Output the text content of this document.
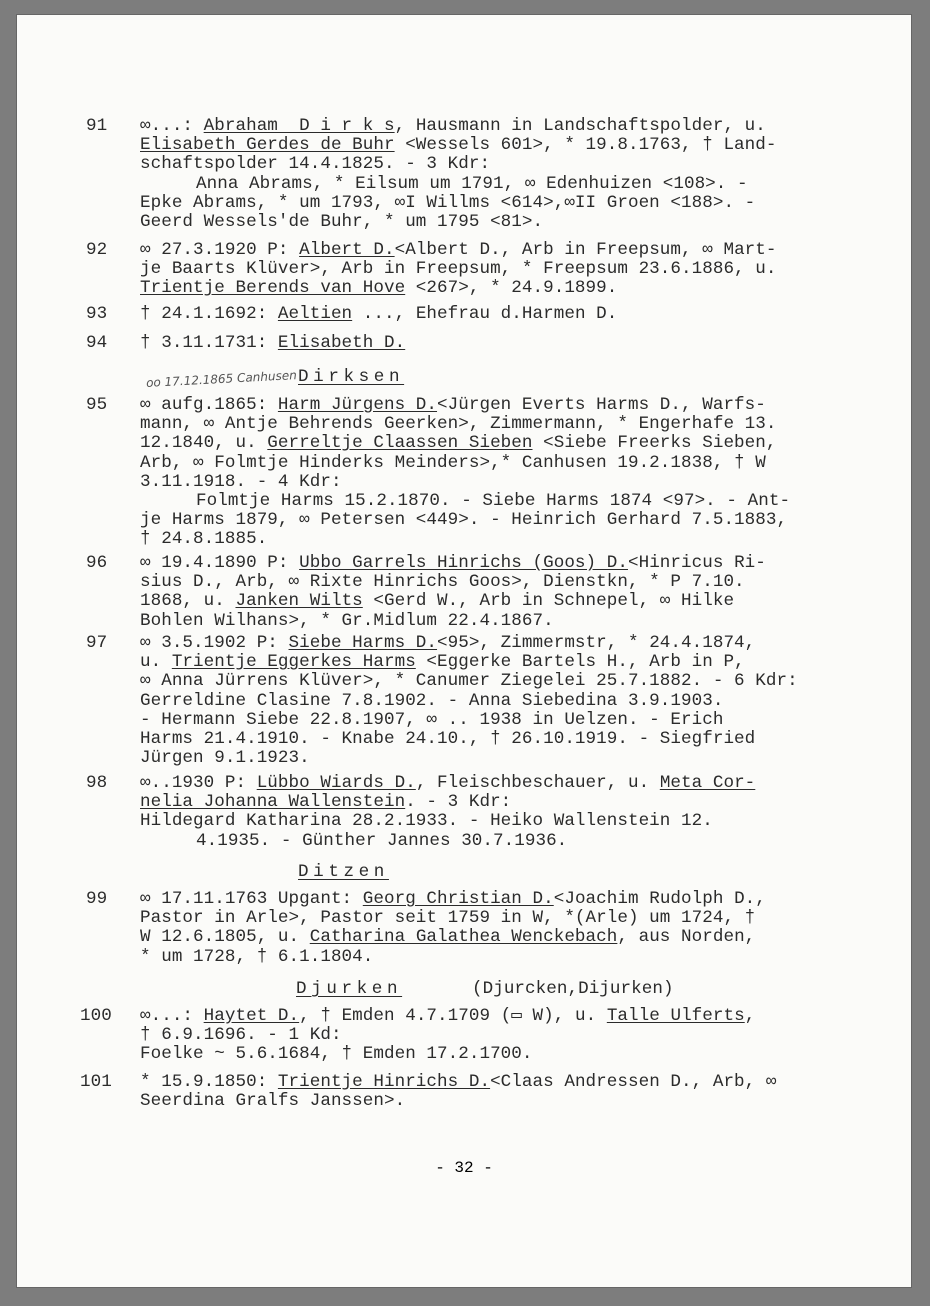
91	∞...: Abraham  D i r k s, Hausmann in Landschaftspolder, u.
Elisabeth Gerdes de Buhr <Wessels 601>, * 19.8.1763, † Land-
schaftspolder 14.4.1825. - 3 Kdr:
Anna Abrams, * Eilsum um 1791, ∞ Edenhuizen <108>. -
Epke Abrams, * um 1793, ∞I Willms <614>,∞II Groen <188>. -
Geerd Wessels'de Buhr, * um 1795 <81>.
92	∞ 27.3.1920 P: Albert D.<Albert D., Arb in Freepsum, ∞ Mart-
je Baarts Klüver>, Arb in Freepsum, * Freepsum 23.6.1886, u.
Trientje Berends van Hove <267>, * 24.9.1899.
93	† 24.1.1692: Aeltien ..., Ehefrau d.Harmen D.
94	† 3.11.1731: Elisabeth D.
Dirksen
95	∞ aufg.1865: Harm Jürgens D.<Jürgen Everts Harms D., Warfs-
mann, ∞ Antje Behrends Geerken>, Zimmermann, * Engerhafe 13.
12.1840, u. Gerreltje Claassen Sieben <Siebe Freerks Sieben,
Arb, ∞ Folmtje Hinderks Meinders>,* Canhusen 19.2.1838, † W
3.11.1918. - 4 Kdr:
Folmtje Harms 15.2.1870. - Siebe Harms 1874 <97>. - Ant-
je Harms 1879, ∞ Petersen <449>. - Heinrich Gerhard 7.5.1883,
† 24.8.1885.
96	∞ 19.4.1890 P: Ubbo Garrels Hinrichs (Goos) D.<Hinricus Ri-
sius D., Arb, ∞ Rixte Hinrichs Goos>, Dienstkn, * P 7.10.
1868, u. Janken Wilts <Gerd W., Arb in Schnepel, ∞ Hilke
Bohlen Wilhans>, * Gr.Midlum 22.4.1867.
97	∞ 3.5.1902 P: Siebe Harms D.<95>, Zimmermstr, * 24.4.1874,
u. Trientje Eggerkes Harms <Eggerke Bartels H., Arb in P,
∞ Anna Jürrens Klüver>, * Canumer Ziegelei 25.7.1882. - 6 Kdr:
Gerreldine Clasine 7.8.1902. - Anna Siebedina 3.9.1903.
- Hermann Siebe 22.8.1907, ∞ .. 1938 in Uelzen. - Erich
Harms 21.4.1910. - Knabe 24.10., † 26.10.1919. - Siegfried
Jürgen 9.1.1923.
98	∞..1930 P: Lübbo Wiards D., Fleischbeschauer, u. Meta Cor-
nelia Johanna Wallenstein. - 3 Kdr:
Hildegard Katharina 28.2.1933. - Heiko Wallenstein 12.
4.1935. - Günther Jannes 30.7.1936.
Ditzen
99	∞ 17.11.1763 Upgant: Georg Christian D.<Joachim Rudolph D.,
Pastor in Arle>, Pastor seit 1759 in W, *(Arle) um 1724, †
W 12.6.1805, u. Catharina Galathea Wenckebach, aus Norden,
* um 1728, † 6.1.1804.
Djurken	(Djurcken,Dijurken)
100	∞...: Haytet D., † Emden 4.7.1709 (▭ W), u. Talle Ulferts,
† 6.9.1696. - 1 Kd:
Foelke ~ 5.6.1684, † Emden 17.2.1700.
101	* 15.9.1850: Trientje Hinrichs D.<Claas Andressen D., Arb, ∞
Seerdina Gralfs Janssen>.
oo 17.12.1865 Canhusen
- 32 -
